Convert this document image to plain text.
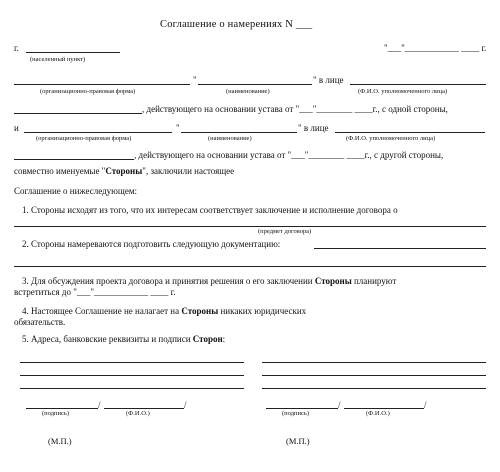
Соглашение о намерениях N ___
г.	"___"____________ ____ г.
(населенный пункт)
"	" в лице
(организационно-правовая форма)	(наименование)	(Ф.И.О. уполномоченного лица)
, действующего на основании устава от "___"________ ____г., с одной стороны,
и	"	" в лице
(организационно-правовая форма)	(наименование)	(Ф.И.О. уполномоченного лица)
, действующего на основании устава от "___"________ ____г., с другой стороны,
совместно именуемые "Стороны", заключили настоящее
Соглашение о нижеследующем:
1. Стороны исходят из того, что их интересам соответствует заключение и исполнение договора о
(предмет договора)
2. Стороны намереваются подготовить следующую документацию:
3. Для обсуждения проекта договора и принятия решения о его заключении Стороны планируют
встретиться до "___"____________ ____ г.
4. Настоящее Соглашение не налагает на Стороны никаких юридических
обязательств.
5. Адреса, банковские реквизиты и подписи Сторон:
/	/
(подпись)	(Ф.И.О.)
(М.П.)
/	/
(подпись)	(Ф.И.О.)
(М.П.)
